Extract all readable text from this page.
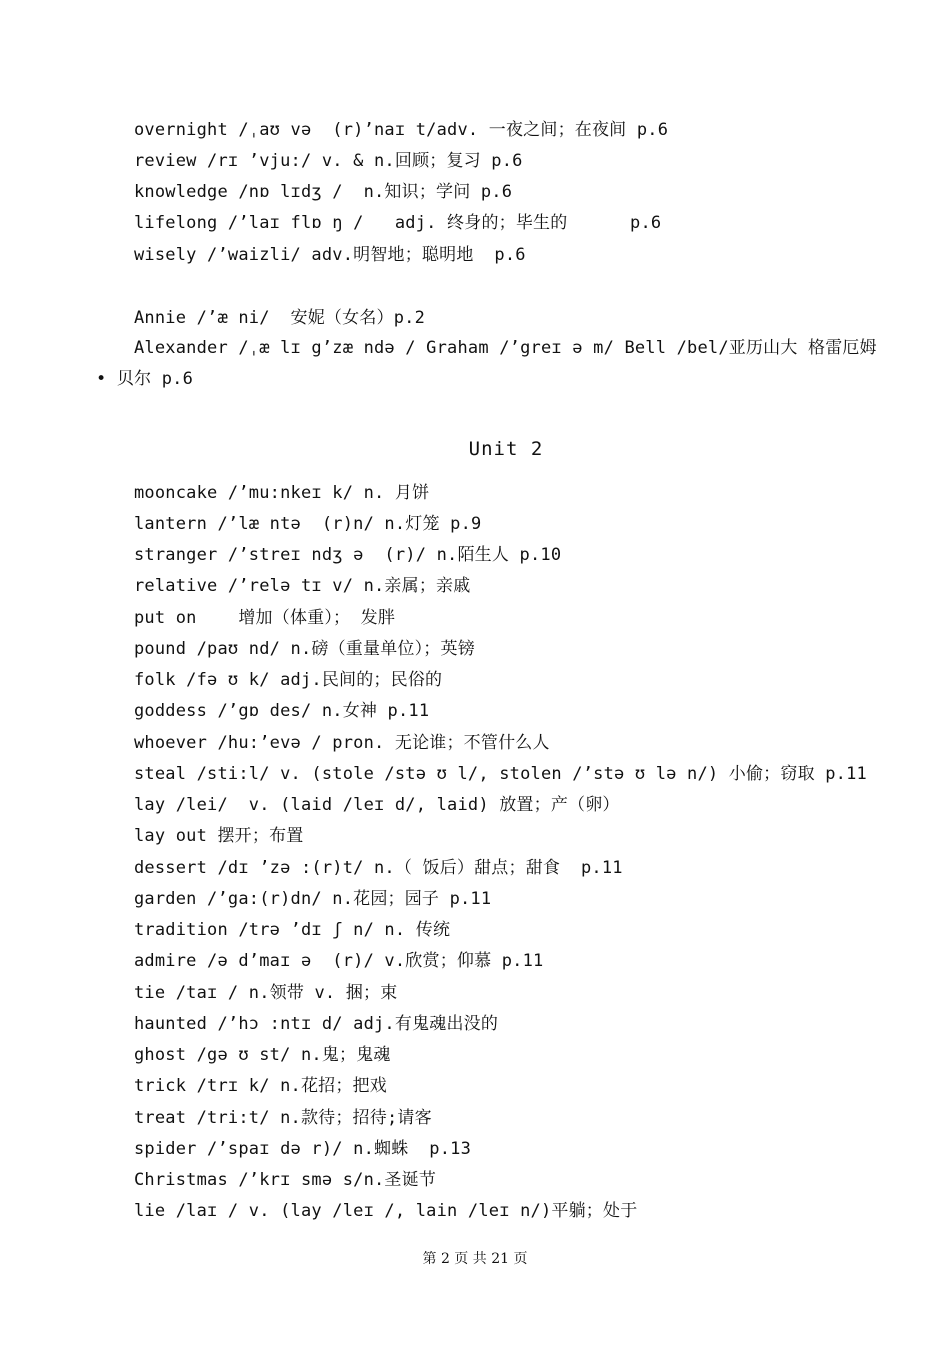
overnight /ˌaʊ və  (r)’naɪ t/adv. 一夜之间；在夜间 p.6
review /rɪ ’vju:/ v. & n.回顾；复习 p.6
knowledge /nɒ lɪdʒ /  n.知识；学问 p.6
lifelong /’laɪ flɒ ŋ /   adj. 终身的；毕生的      p.6
wisely /’waizli/ adv.明智地；聪明地  p.6
Annie /’æ ni/  安妮（女名）p.2
Alexander /ˌæ lɪ g’zæ ndə / Graham /’greɪ ə m/ Bell /bel/亚历山大 格雷厄姆 • 贝尔 p.6
Unit 2
mooncake /’mu:nkeɪ k/ n. 月饼
lantern /’læ ntə  (r)n/ n.灯笼 p.9
stranger /’streɪ ndʒ ə  (r)/ n.陌生人 p.10
relative /’relə tɪ v/ n.亲属；亲戚
put on    增加（体重）； 发胖
pound /paʊ nd/ n.磅（重量单位）；英镑
folk /fə ʊ k/ adj.民间的；民俗的
goddess /’gɒ des/ n.女神 p.11
whoever /hu:’evə / pron. 无论谁；不管什么人
steal /sti:l/ v. (stole /stə ʊ l/, stolen /’stə ʊ lə n/) 小偷；窃取 p.11
lay /lei/  v. (laid /leɪ d/, laid) 放置；产（卵）
lay out 摆开；布置
dessert /dɪ ’zə :(r)t/ n.（ 饭后）甜点；甜食  p.11
garden /’ga:(r)dn/ n.花园；园子 p.11
tradition /trə ’dɪ ʃ n/ n. 传统
admire /ə d’maɪ ə  (r)/ v.欣赏；仰慕 p.11
tie /taɪ / n.领带 v. 捆；束
haunted /’hɔ :ntɪ d/ adj.有鬼魂出没的
ghost /gə ʊ st/ n.鬼；鬼魂
trick /trɪ k/ n.花招；把戏
treat /tri:t/ n.款待；招待;请客
spider /’spaɪ də r)/ n.蜘蛛  p.13
Christmas /’krɪ smə s/n.圣诞节
lie /laɪ / v. (lay /leɪ /, lain /leɪ n/)平躺；处于
第 2 页 共 21 页
